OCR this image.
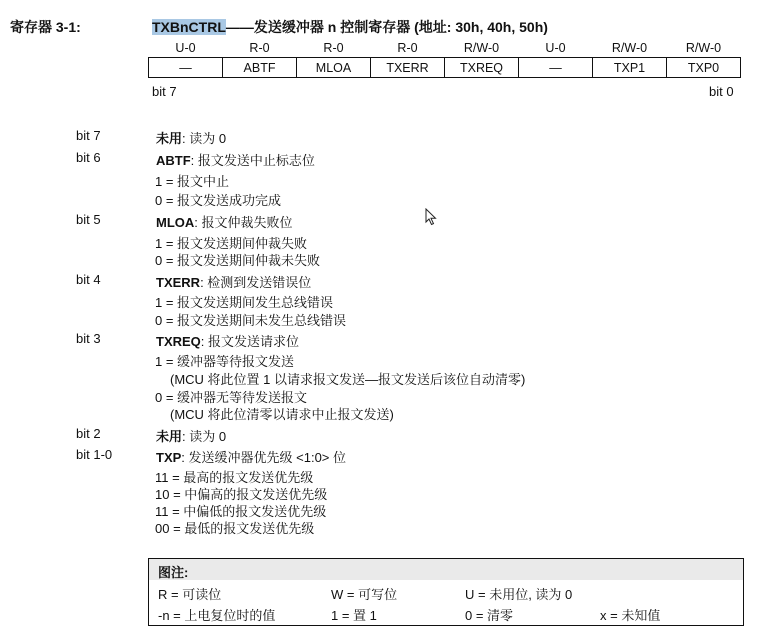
寄存器 3-1:	TXBnCTRL——发送缓冲器 n 控制寄存器 (地址: 30h, 40h, 50h)
U-0	R-0	R-0	R-0	R/W-0	U-0	R/W-0	R/W-0
—	ABTF	MLOA	TXERR	TXREQ	—	TXP1	TXP0
bit 7	bit 0
bit 7	未用: 读为 0
bit 6	ABTF: 报文发送中止标志位
1 = 报文中止
0 = 报文发送成功完成
bit 5	MLOA: 报文仲裁失败位
1 = 报文发送期间仲裁失败
0 = 报文发送期间仲裁未失败
bit 4	TXERR: 检测到发送错误位
1 = 报文发送期间发生总线错误
0 = 报文发送期间未发生总线错误
bit 3	TXREQ: 报文发送请求位
1 = 缓冲器等待报文发送
(MCU 将此位置 1 以请求报文发送—报文发送后该位自动清零)
0 = 缓冲器无等待发送报文
(MCU 将此位清零以请求中止报文发送)
bit 2	未用: 读为 0
bit 1-0	TXP: 发送缓冲器优先级 <1:0> 位
11 = 最高的报文发送优先级
10 = 中偏高的报文发送优先级
11 = 中偏低的报文发送优先级
00 = 最低的报文发送优先级
图注:
R = 可读位	W = 可写位	U = 未用位, 读为 0
-n = 上电复位时的值	1 = 置 1	0 = 清零	x = 未知值
